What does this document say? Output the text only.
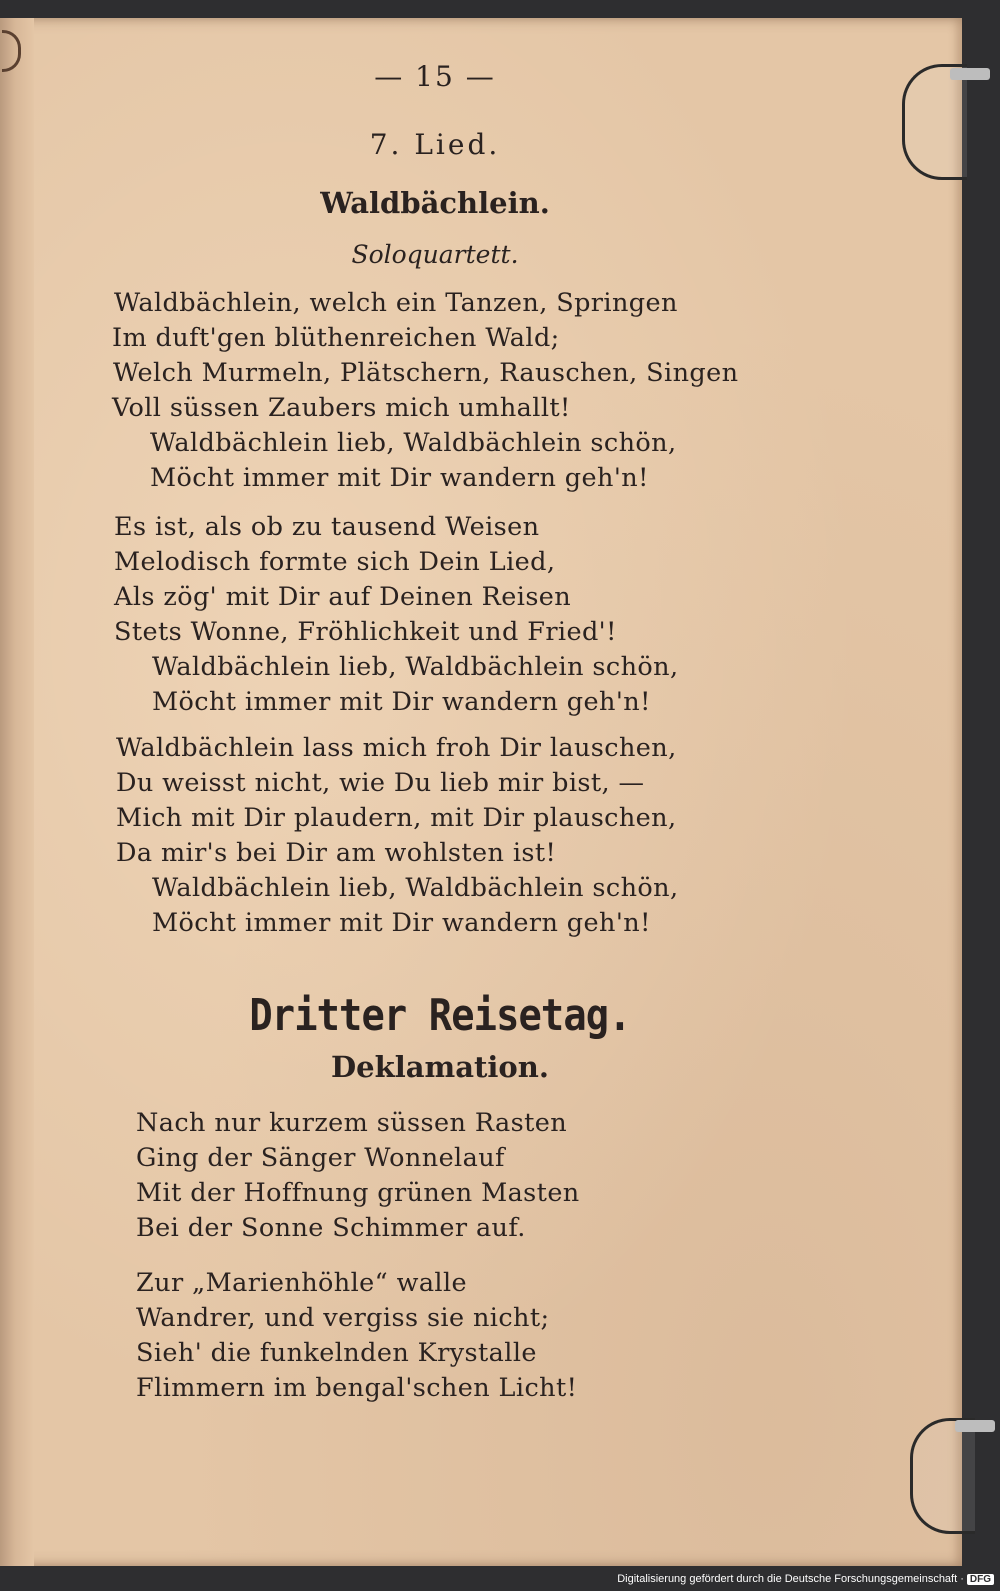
— 15 —
7. Lied.
Waldbächlein.
Soloquartett.
Waldbächlein, welch ein Tanzen, Springen
Im duft'gen blüthenreichen Wald;
Welch Murmeln, Plätschern, Rauschen, Singen
Voll süssen Zaubers mich umhallt!
Waldbächlein lieb, Waldbächlein schön,
Möcht immer mit Dir wandern geh'n!
Es ist, als ob zu tausend Weisen
Melodisch formte sich Dein Lied,
Als zög' mit Dir auf Deinen Reisen
Stets Wonne, Fröhlichkeit und Fried'!
Waldbächlein lieb, Waldbächlein schön,
Möcht immer mit Dir wandern geh'n!
Waldbächlein lass mich froh Dir lauschen,
Du weisst nicht, wie Du lieb mir bist, —
Mich mit Dir plaudern, mit Dir plauschen,
Da mir's bei Dir am wohlsten ist!
Waldbächlein lieb, Waldbächlein schön,
Möcht immer mit Dir wandern geh'n!
Dritter Reisetag.
Deklamation.
Nach nur kurzem süssen Rasten
Ging der Sänger Wonnelauf
Mit der Hoffnung grünen Masten
Bei der Sonne Schimmer auf.
Zur „Marienhöhle“ walle
Wandrer, und vergiss sie nicht;
Sieh' die funkelnden Krystalle
Flimmern im bengal'schen Licht!
Digitalisierung gefördert durch die Deutsche Forschungsgemeinschaft · DFG
